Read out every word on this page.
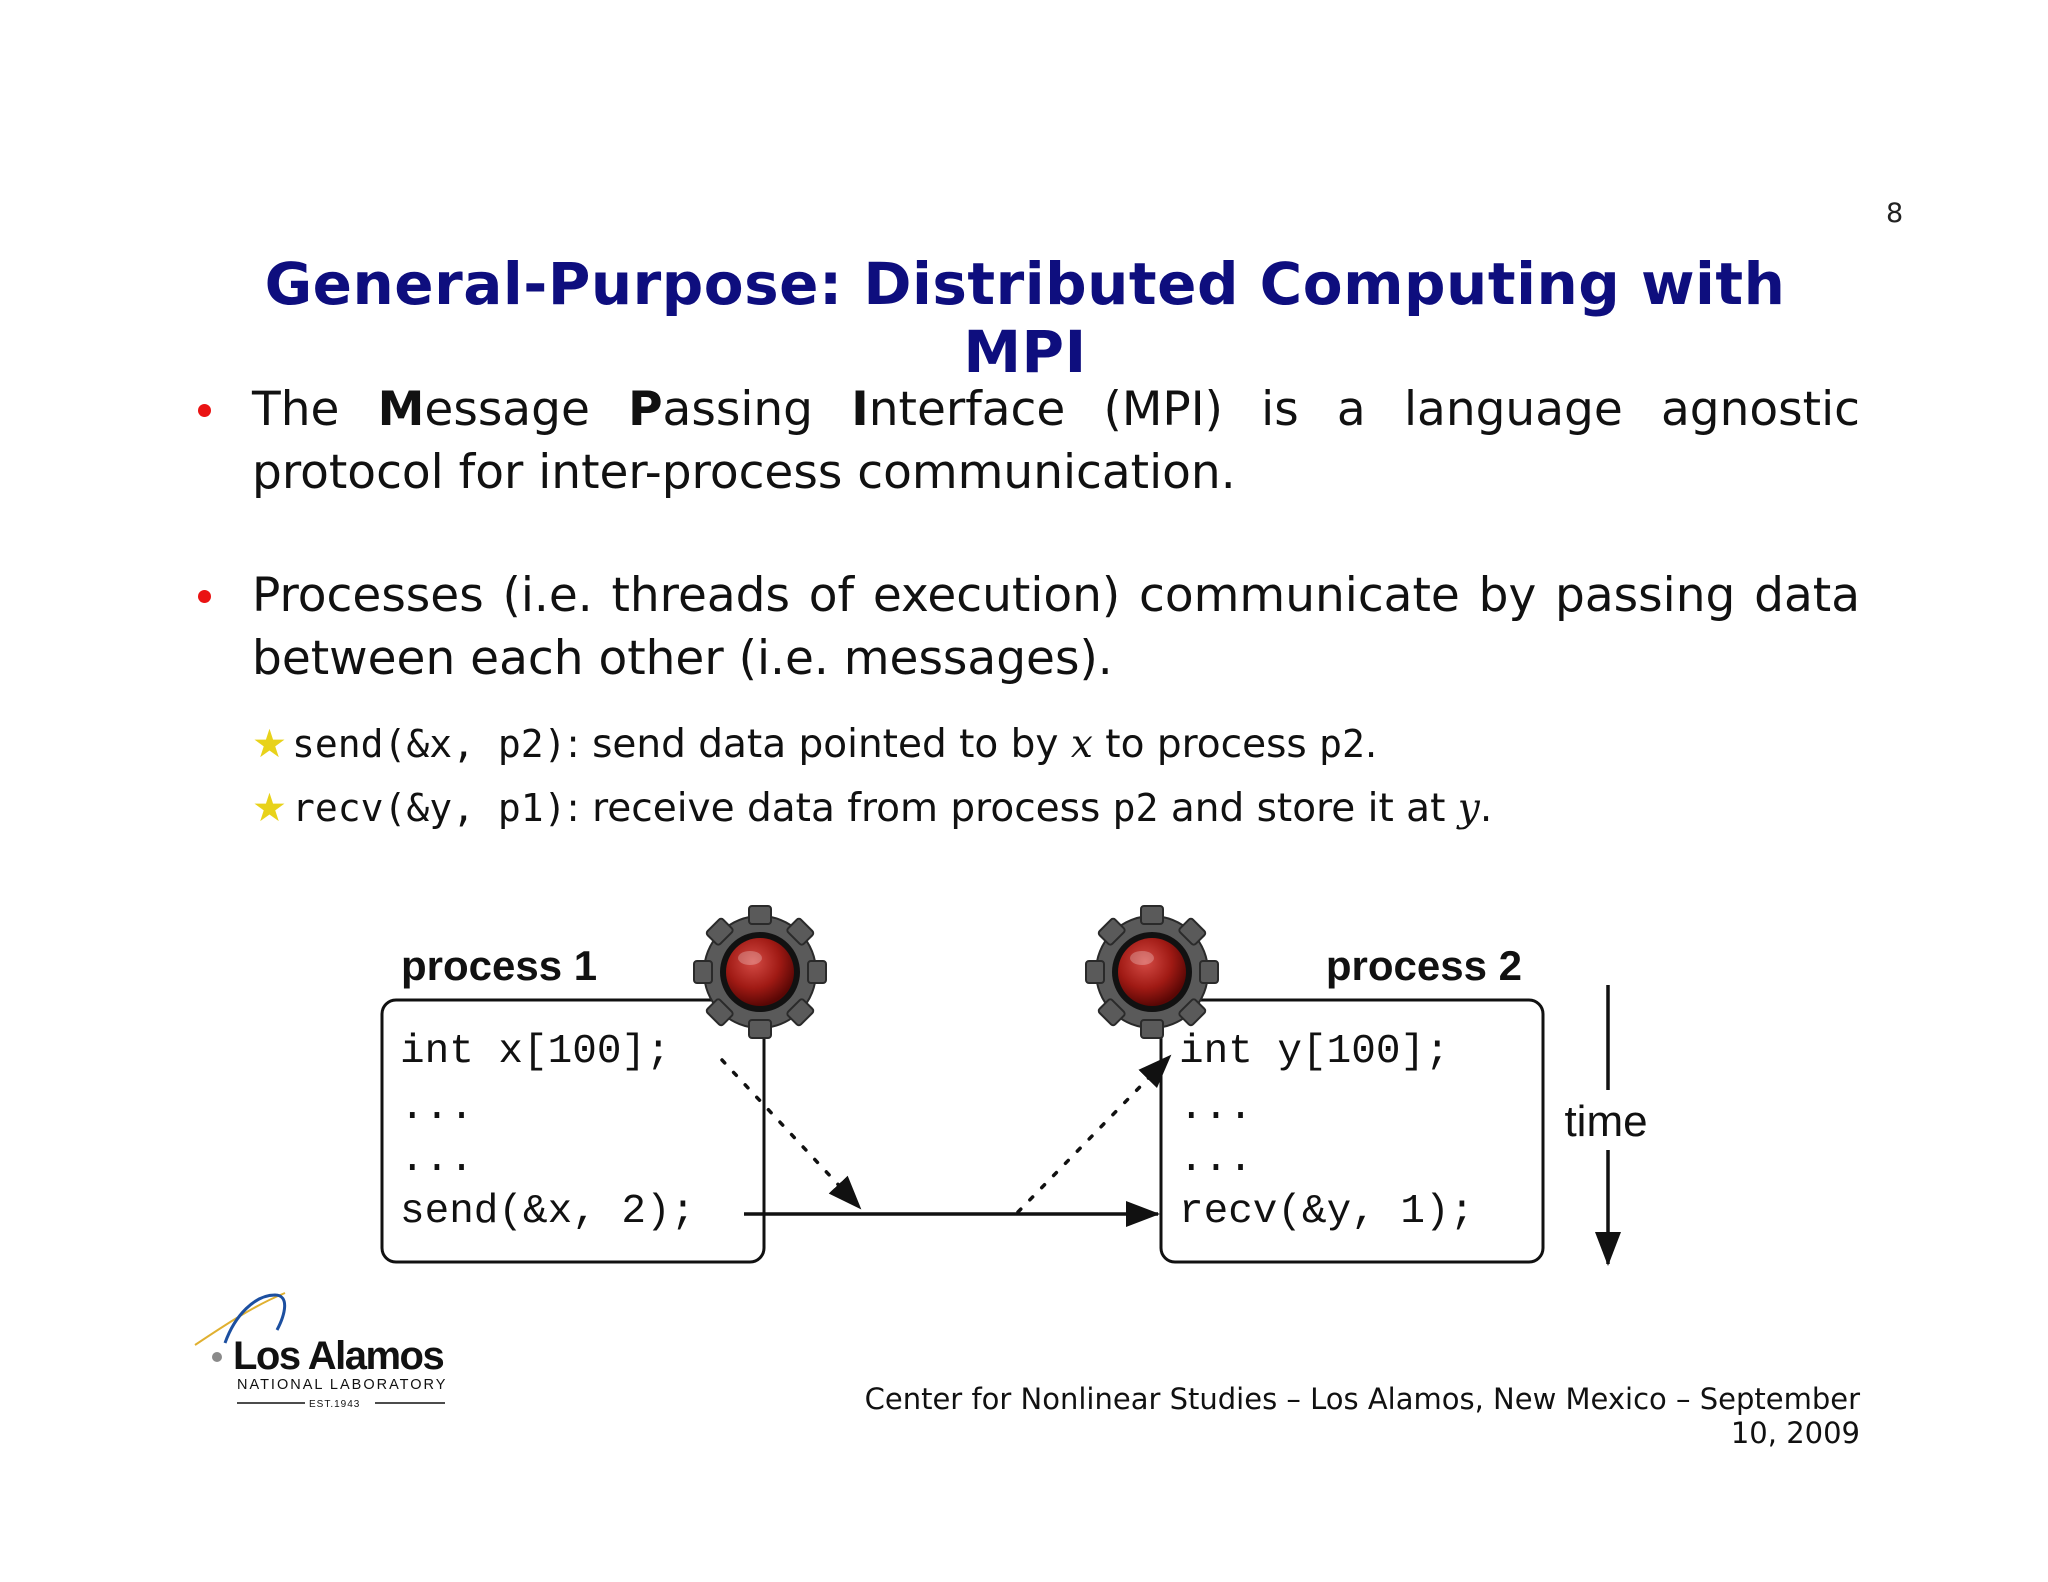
8
General-Purpose: Distributed Computing with MPI
The Message Passing Interface (MPI) is a language agnostic protocol for inter-process communication.
Processes (i.e. threads of execution) communicate by passing data between each other (i.e. messages).
★ send(&x, p2): send data pointed to by x to process p2.
★ recv(&y, p1): receive data from process p2 and store it at y.
process 1	process 2
int x[100];
...
...
send(&x, 2);
int y[100];
...
...
recv(&y, 1);
time
Los Alamos
NATIONAL LABORATORY
EST.1943	Center for Nonlinear Studies – Los Alamos, New Mexico – September 10, 2009
